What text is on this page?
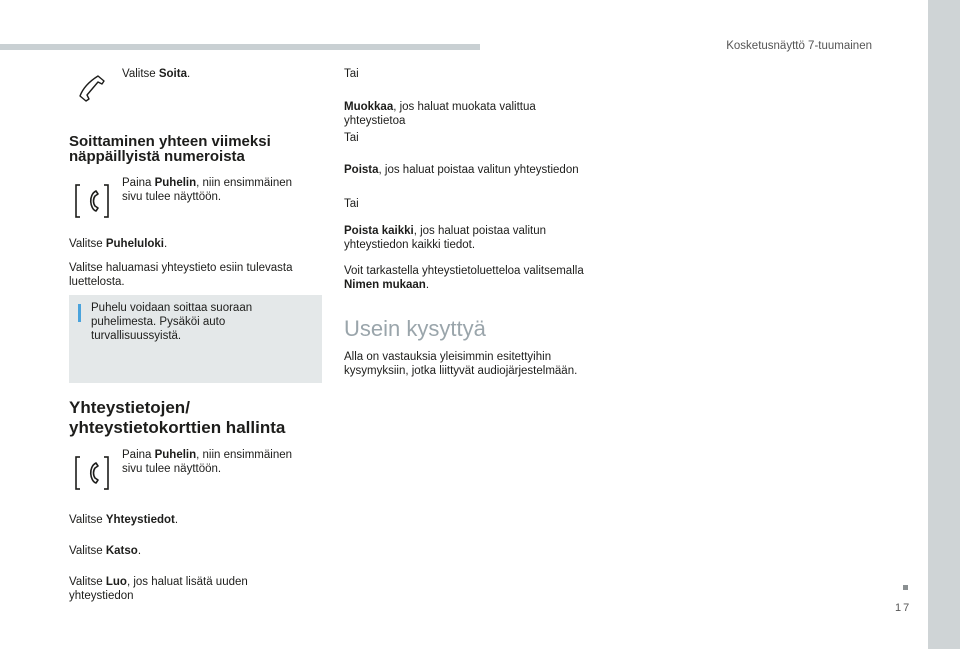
Kosketusnäyttö 7-tuumainen
17
Valitse Soita.
Soittaminen yhteen viimeksi
näppäillyistä numeroista
Paina Puhelin, niin ensimmäinen
sivu tulee näyttöön.
Valitse Puheluloki.
Valitse haluamasi yhteystieto esiin tulevasta
luettelosta.
Puhelu voidaan soittaa suoraan
puhelimesta. Pysäköi auto
turvallisuussyistä.
Yhteystietojen/
yhteystietokorttien hallinta
Paina Puhelin, niin ensimmäinen
sivu tulee näyttöön.
Valitse Yhteystiedot.
Valitse Katso.
Valitse Luo, jos haluat lisätä uuden
yhteystiedon
Tai
Muokkaa, jos haluat muokata valittua
yhteystietoa
Tai
Poista, jos haluat poistaa valitun yhteystiedon
Tai
Poista kaikki, jos haluat poistaa valitun
yhteystiedon kaikki tiedot.
Voit tarkastella yhteystietoluetteloa valitsemalla
Nimen mukaan.
Usein kysyttyä
Alla on vastauksia yleisimmin esitettyihin
kysymyksiin, jotka liittyvät audiojärjestelmään.
